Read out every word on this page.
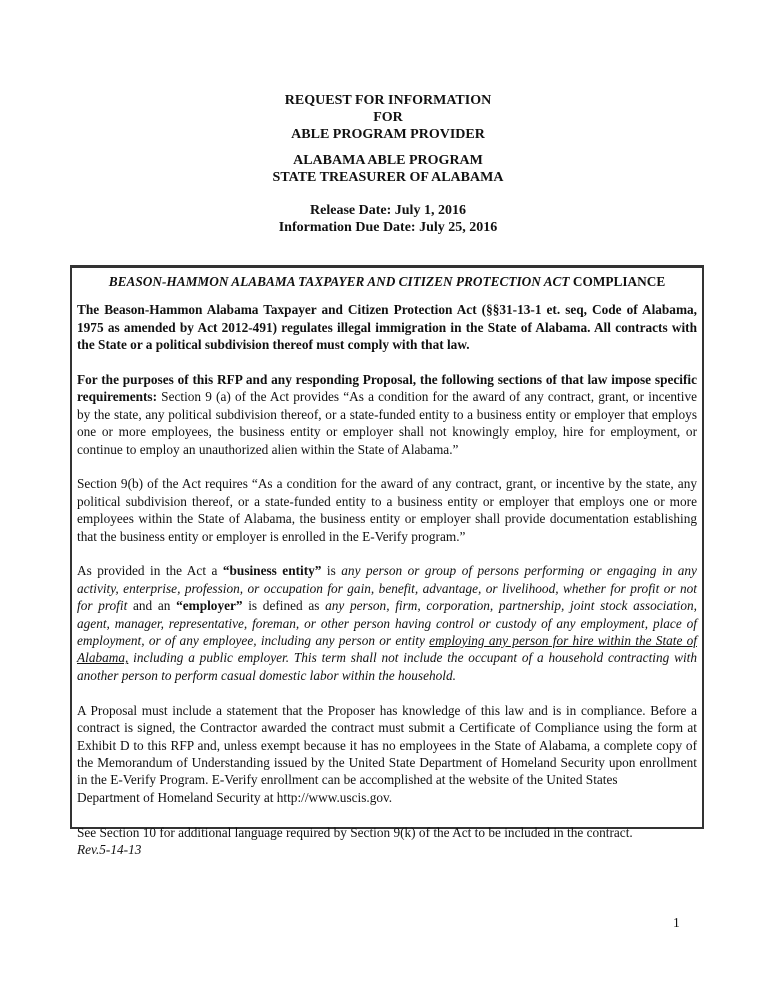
REQUEST FOR INFORMATION
FOR
ABLE PROGRAM PROVIDER
ALABAMA ABLE PROGRAM
STATE TREASURER OF ALABAMA
Release Date: July 1, 2016
Information Due Date: July 25, 2016

BEASON-HAMMON ALABAMA TAXPAYER AND CITIZEN PROTECTION ACT COMPLIANCE

The Beason-Hammon Alabama Taxpayer and Citizen Protection Act (§§31-13-1 et. seq, Code of Alabama, 1975 as amended by Act 2012-491) regulates illegal immigration in the State of Alabama. All contracts with the State or a political subdivision thereof must comply with that law.

For the purposes of this RFP and any responding Proposal, the following sections of that law impose specific requirements: Section 9 (a) of the Act provides “As a condition for the award of any contract, grant, or incentive by the state, any political subdivision thereof, or a state-funded entity to a business entity or employer that employs one or more employees, the business entity or employer shall not knowingly employ, hire for employment, or continue to employ an unauthorized alien within the State of Alabama.”

Section 9(b) of the Act requires “As a condition for the award of any contract, grant, or incentive by the state, any political subdivision thereof, or a state-funded entity to a business entity or employer that employs one or more employees within the State of Alabama, the business entity or employer shall provide documentation establishing that the business entity or employer is enrolled in the E-Verify program.”

As provided in the Act a “business entity” is any person or group of persons performing or engaging in any activity, enterprise, profession, or occupation for gain, benefit, advantage, or livelihood, whether for profit or not for profit and an “employer” is defined as any person, firm, corporation, partnership, joint stock association, agent, manager, representative, foreman, or other person having control or custody of any employment, place of employment, or of any employee, including any person or entity employing any person for hire within the State of Alabama, including a public employer. This term shall not include the occupant of a household contracting with another person to perform casual domestic labor within the household.

A Proposal must include a statement that the Proposer has knowledge of this law and is in compliance. Before a contract is signed, the Contractor awarded the contract must submit a Certificate of Compliance using the form at Exhibit D to this RFP and, unless exempt because it has no employees in the State of Alabama, a complete copy of the Memorandum of Understanding issued by the United State Department of Homeland Security upon enrollment in the E-Verify Program. E-Verify enrollment can be accomplished at the website of the United States
Department of Homeland Security at http://www.uscis.gov.

See Section 10 for additional language required by Section 9(k) of the Act to be included in the contract.

Rev.5-14-13
1
